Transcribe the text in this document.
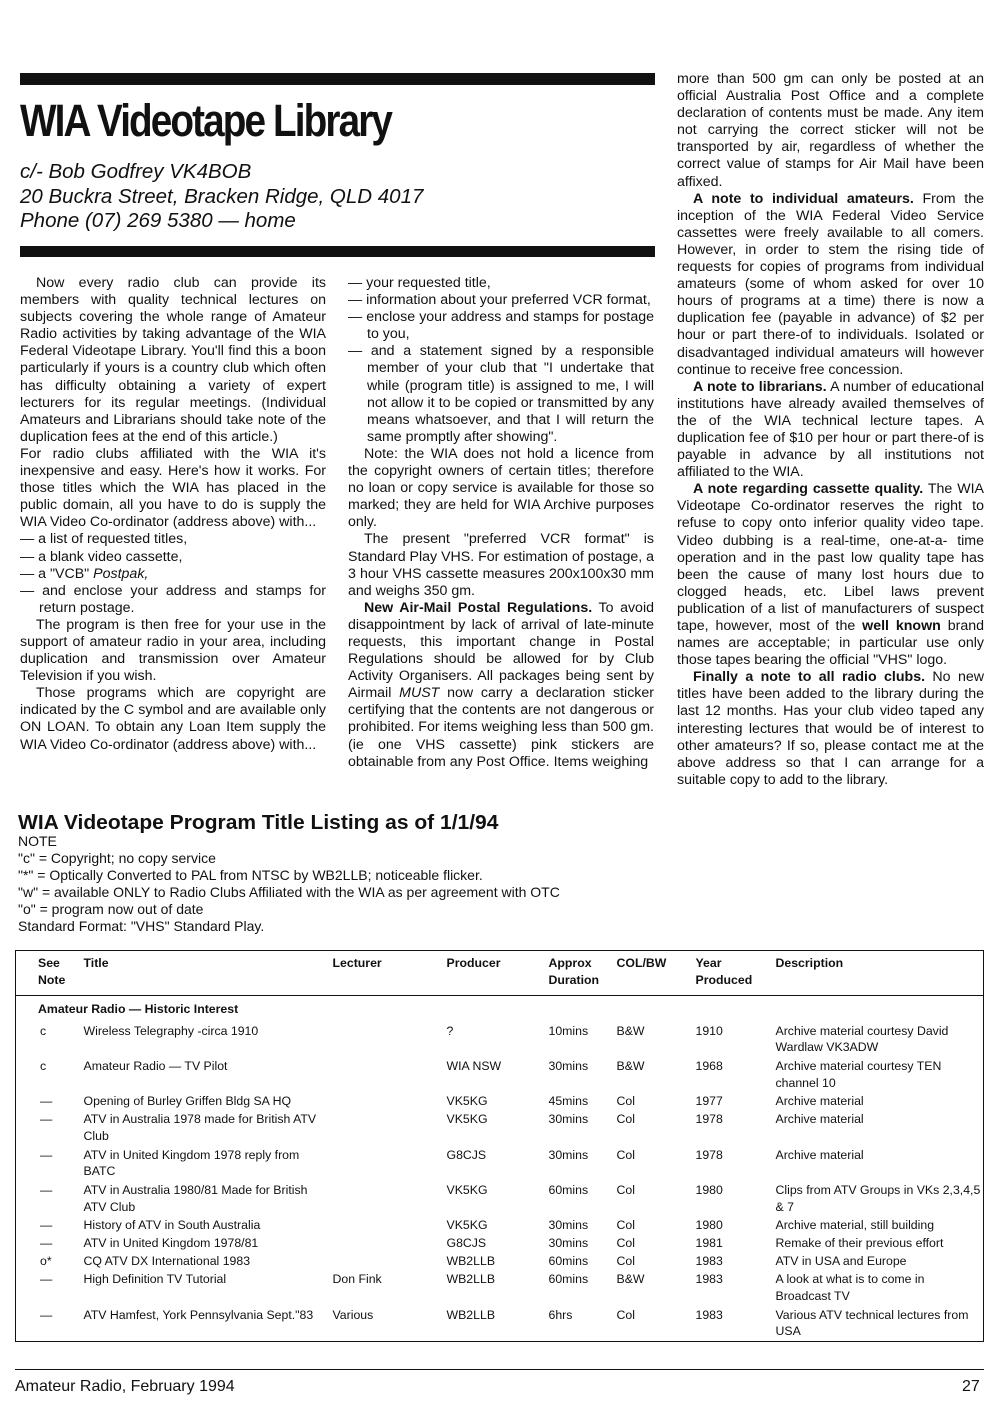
WIA Videotape Library
c/- Bob Godfrey VK4BOB
20 Buckra Street, Bracken Ridge, QLD 4017
Phone (07) 269 5380 — home

Now every radio club can provide its members with quality technical lectures on subjects covering the whole range of Amateur Radio activities by taking advantage of the WIA Federal Videotape Library. You'll find this a boon particularly if yours is a country club which often has difficulty obtaining a variety of expert lecturers for its regular meetings. (Individual Amateurs and Librarians should take note of the duplication fees at the end of this article.)

For radio clubs affiliated with the WIA it's inexpensive and easy. Here's how it works. For those titles which the WIA has placed in the public domain, all you have to do is supply the WIA Video Co-ordinator (address above) with...

— a list of requested titles,
— a blank video cassette,
— a "VCB" Postpak,
— and enclose your address and stamps for return postage.

The program is then free for your use in the support of amateur radio in your area, including duplication and transmission over Amateur Television if you wish.

Those programs which are copyright are indicated by the C symbol and are available only ON LOAN. To obtain any Loan Item supply the WIA Video Co-ordinator (address above) with...

— your requested title,
— information about your preferred VCR format,
— enclose your address and stamps for postage to you,
— and a statement signed by a responsible member of your club that "I undertake that while (program title) is assigned to me, I will not allow it to be copied or transmitted by any means whatsoever, and that I will return the same promptly after showing".

Note: the WIA does not hold a licence from the copyright owners of certain titles; therefore no loan or copy service is available for those so marked; they are held for WIA Archive purposes only.

The present "preferred VCR format" is Standard Play VHS. For estimation of postage, a 3 hour VHS cassette measures 200x100x30 mm and weighs 350 gm.

New Air-Mail Postal Regulations. To avoid disappointment by lack of arrival of late-minute requests, this important change in Postal Regulations should be allowed for by Club Activity Organisers. All packages being sent by Airmail MUST now carry a declaration sticker certifying that the contents are not dangerous or prohibited. For items weighing less than 500 gm. (ie one VHS cassette) pink stickers are obtainable from any Post Office. Items weighing

more than 500 gm can only be posted at an official Australia Post Office and a complete declaration of contents must be made. Any item not carrying the correct sticker will not be transported by air, regardless of whether the correct value of stamps for Air Mail have been affixed.

A note to individual amateurs. From the inception of the WIA Federal Video Service cassettes were freely available to all comers. However, in order to stem the rising tide of requests for copies of programs from individual amateurs (some of whom asked for over 10 hours of programs at a time) there is now a duplication fee (payable in advance) of $2 per hour or part there-of to individuals. Isolated or disadvantaged individual amateurs will however continue to receive free concession.

A note to librarians. A number of educational institutions have already availed themselves of the of the WIA technical lecture tapes. A duplication fee of $10 per hour or part there-of is payable in advance by all institutions not affiliated to the WIA.

A note regarding cassette quality. The WIA Videotape Co-ordinator reserves the right to refuse to copy onto inferior quality video tape. Video dubbing is a real-time, one-at-a- time operation and in the past low quality tape has been the cause of many lost hours due to clogged heads, etc. Libel laws prevent publication of a list of manufacturers of suspect tape, however, most of the well known brand names are acceptable; in particular use only those tapes bearing the official "VHS" logo.

Finally a note to all radio clubs. No new titles have been added to the library during the last 12 months. Has your club video taped any interesting lectures that would be of interest to other amateurs? If so, please contact me at the above address so that I can arrange for a suitable copy to add to the library.

WIA Videotape Program Title Listing as of 1/1/94
NOTE
"c" = Copyright; no copy service
"*" = Optically Converted to PAL from NTSC by WB2LLB; noticeable flicker.
"w" = available ONLY to Radio Clubs Affiliated with the WIA as per agreement with OTC
"o" = program now out of date
Standard Format: "VHS" Standard Play.
See Note	Title	Lecturer	Producer	Approx Duration	COL/BW	Year Produced	Description
Amateur Radio — Historic Interest							
c	Wireless Telegraphy -circa 1910		?	10mins	B&W	1910	Archive material courtesy David Wardlaw VK3ADW
c	Amateur Radio — TV Pilot		WIA NSW	30mins	B&W	1968	Archive material courtesy TEN channel 10
—	Opening of Burley Griffen Bldg SA HQ		VK5KG	45mins	Col	1977	Archive material
—	ATV in Australia 1978 made for British ATV Club		VK5KG	30mins	Col	1978	Archive material
—	ATV in United Kingdom 1978 reply from BATC		G8CJS	30mins	Col	1978	Archive material
—	ATV in Australia 1980/81 Made for British ATV Club		VK5KG	60mins	Col	1980	Clips from ATV Groups in VKs 2,3,4,5 & 7
—	History of ATV in South Australia		VK5KG	30mins	Col	1980	Archive material, still building
—	ATV in United Kingdom 1978/81		G8CJS	30mins	Col	1981	Remake of their previous effort
o*	CQ ATV DX International 1983		WB2LLB	60mins	Col	1983	ATV in USA and Europe
—	High Definition TV Tutorial	Don Fink	WB2LLB	60mins	B&W	1983	A look at what is to come in Broadcast TV
—	ATV Hamfest, York Pennsylvania Sept."83	Various	WB2LLB	6hrs	Col	1983	Various ATV technical lectures from USA

Amateur Radio, February 1994	27
